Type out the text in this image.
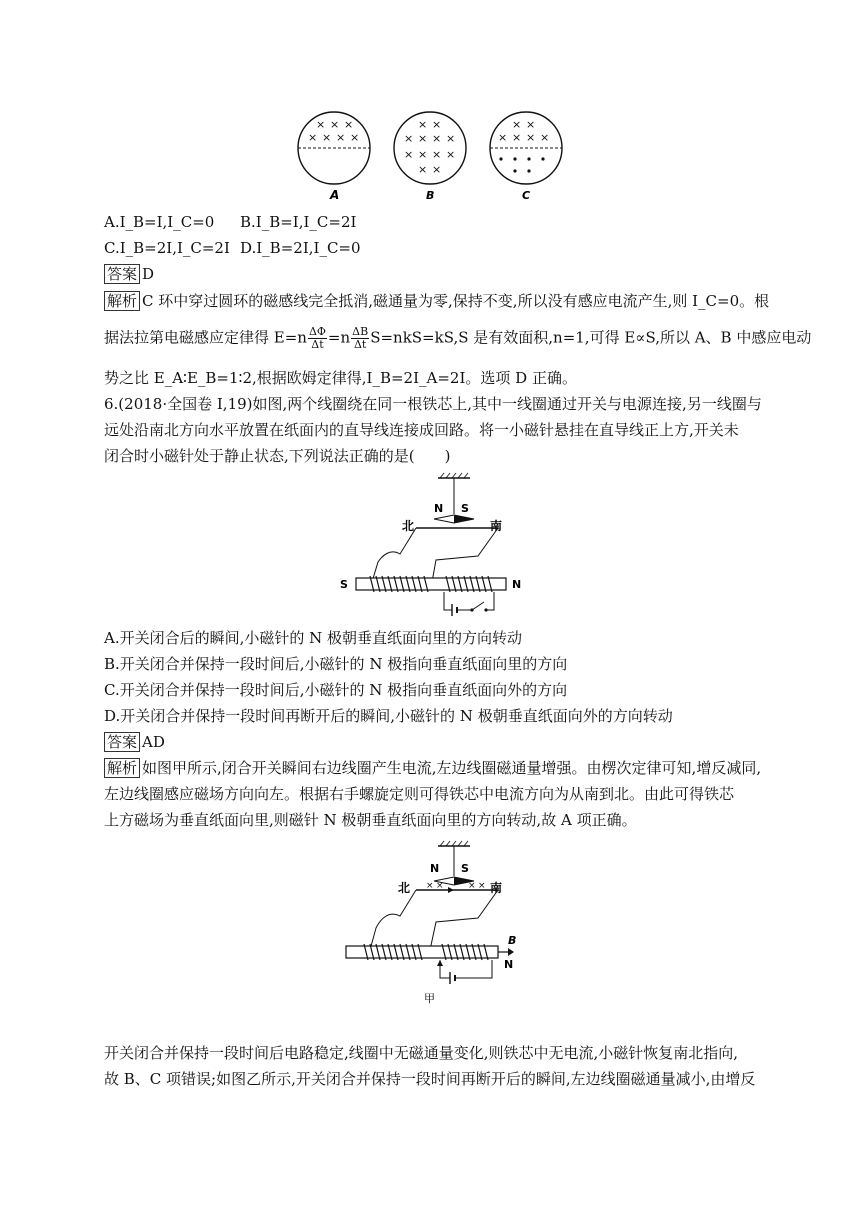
× × ×
× × × ×
A
× ×
× × × ×
× × × ×
× ×
B
× ×
× × × ×
C
A.I_B=I,I_C=0 B.I_B=I,I_C=2I
C.I_B=2I,I_C=2I D.I_B=2I,I_C=0
答案 D
解析 C 环中穿过圆环的磁感线完全抵消,磁通量为零,保持不变,所以没有感应电流产生,则 I_C=0。根
据法拉第电磁感应定律得 $E=n \frac{\Delta\Phi}{\Delta t} =n \frac{\Delta B}{\Delta t} S=nkS=kS,S$ 是有效面积,n=1,可得 E∝S,所以 A、B 中感应电动
势之比 E_A∶E_B=1∶2,根据欧姆定律得,I_B=2I_A=2I。选项 D 正确。
6.(2018·全国卷 Ⅰ,19)如图,两个线圈绕在同一根铁芯上,其中一线圈通过开关与电源连接,另一线圈与
远处沿南北方向水平放置在纸面内的直导线连接成回路。将一小磁针悬挂在直导线正上方,开关未
闭合时小磁针处于静止状态,下列说法正确的是(　　)
N S
北	南
S	N
A.开关闭合后的瞬间,小磁针的 N 极朝垂直纸面向里的方向转动
B.开关闭合并保持一段时间后,小磁针的 N 极指向垂直纸面向里的方向
C.开关闭合并保持一段时间后,小磁针的 N 极指向垂直纸面向外的方向
D.开关闭合并保持一段时间再断开后的瞬间,小磁针的 N 极朝垂直纸面向外的方向转动
答案 AD
解析 如图甲所示,闭合开关瞬间右边线圈产生电流,左边线圈磁通量增强。由楞次定律可知,增反减同,
左边线圈感应磁场方向向左。根据右手螺旋定则可得铁芯中电流方向为从南到北。由此可得铁芯
上方磁场为垂直纸面向里,则磁针 N 极朝垂直纸面向里的方向转动,故 A 项正确。
N S
× ×	× ×
北	南
B
N
甲
开关闭合并保持一段时间后电路稳定,线圈中无磁通量变化,则铁芯中无电流,小磁针恢复南北指向,
故 B、C 项错误;如图乙所示,开关闭合并保持一段时间再断开后的瞬间,左边线圈磁通量减小,由增反
